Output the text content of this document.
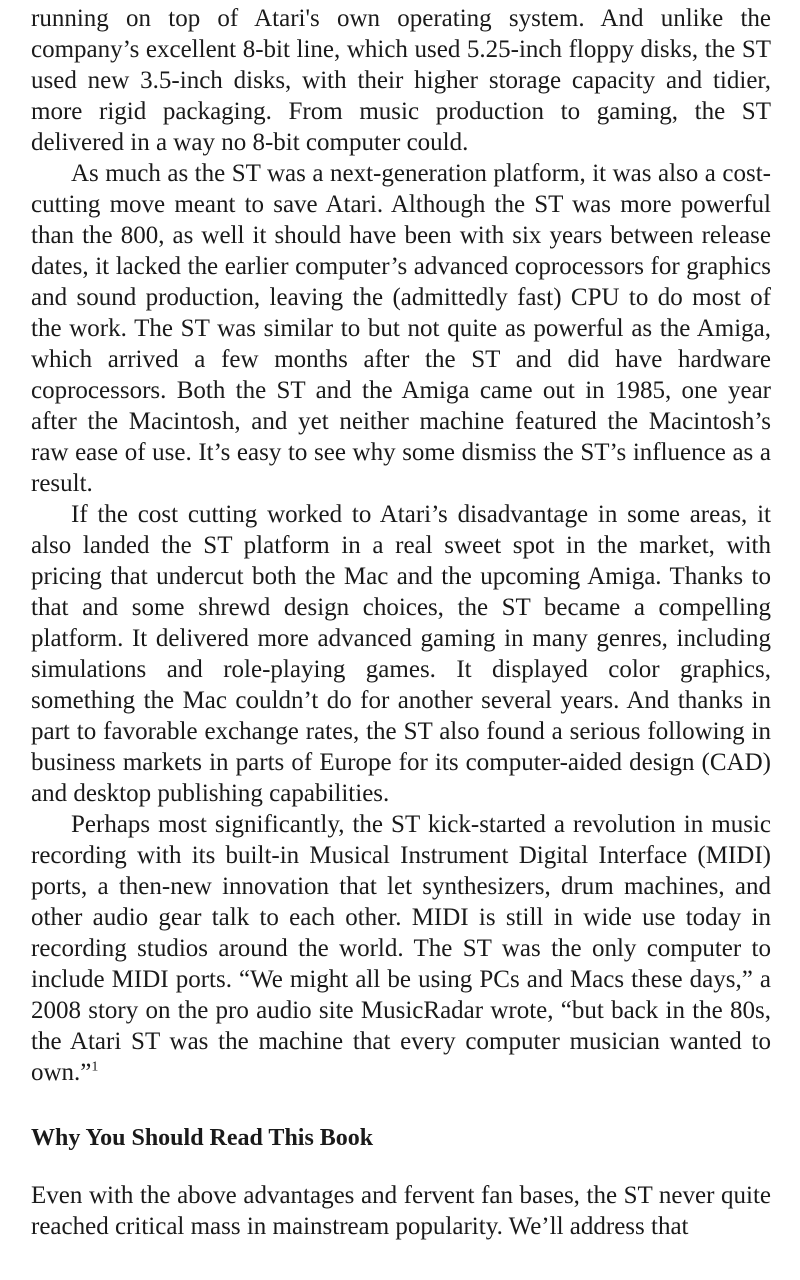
running on top of Atari's own operating system. And unlike the company’s excellent 8-bit line, which used 5.25-inch floppy disks, the ST used new 3.5-inch disks, with their higher storage capacity and tidier, more rigid packaging. From music production to gaming, the ST delivered in a way no 8-bit computer could.

As much as the ST was a next-generation platform, it was also a cost-cutting move meant to save Atari. Although the ST was more powerful than the 800, as well it should have been with six years between release dates, it lacked the earlier computer’s advanced coprocessors for graphics and sound production, leaving the (admittedly fast) CPU to do most of the work. The ST was similar to but not quite as powerful as the Amiga, which arrived a few months after the ST and did have hardware coprocessors. Both the ST and the Amiga came out in 1985, one year after the Macintosh, and yet neither machine featured the Macintosh’s raw ease of use. It’s easy to see why some dismiss the ST’s influence as a result.

If the cost cutting worked to Atari’s disadvantage in some areas, it also landed the ST platform in a real sweet spot in the market, with pricing that undercut both the Mac and the upcoming Amiga. Thanks to that and some shrewd design choices, the ST became a compelling platform. It delivered more advanced gaming in many genres, including simulations and role-playing games. It displayed color graphics, something the Mac couldn’t do for another several years. And thanks in part to favorable exchange rates, the ST also found a serious following in business markets in parts of Europe for its computer-aided design (CAD) and desktop publishing capabilities.

Perhaps most significantly, the ST kick-started a revolution in music recording with its built-in Musical Instrument Digital Interface (MIDI) ports, a then-new innovation that let synthesizers, drum machines, and other audio gear talk to each other. MIDI is still in wide use today in recording studios around the world. The ST was the only computer to include MIDI ports. “We might all be using PCs and Macs these days,” a 2008 story on the pro audio site MusicRadar wrote, “but back in the 80s, the Atari ST was the machine that every computer musician wanted to own.”$^1$

Why You Should Read This Book

Even with the above advantages and fervent fan bases, the ST never quite reached critical mass in mainstream popularity. We’ll address that
